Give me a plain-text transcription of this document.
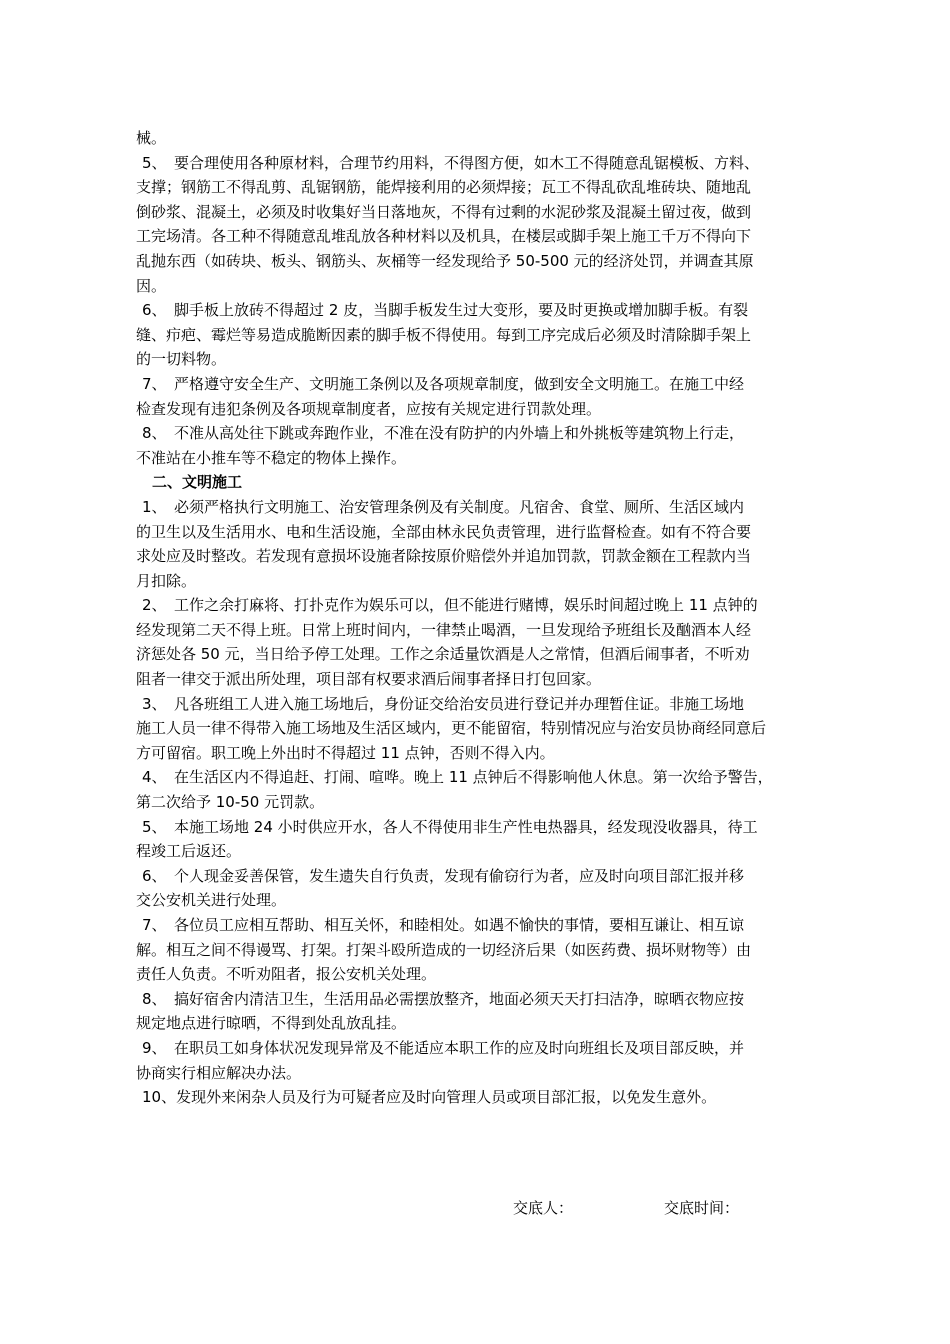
械。

5、　要合理使用各种原材料，合理节约用料，不得图方便，如木工不得随意乱锯模板、方料、

支撑；钢筋工不得乱剪、乱锯钢筋，能焊接利用的必须焊接；瓦工不得乱砍乱堆砖块、随地乱

倒砂浆、混凝土，必须及时收集好当日落地灰，不得有过剩的水泥砂浆及混凝土留过夜，做到

工完场清。各工种不得随意乱堆乱放各种材料以及机具，在楼层或脚手架上施工千万不得向下

乱抛东西（如砖块、板头、钢筋头、灰桶等一经发现给予 50-500 元的经济处罚，并调查其原

因。

6、　脚手板上放砖不得超过 2 皮，当脚手板发生过大变形，要及时更换或增加脚手板。有裂

缝、疖疤、霉烂等易造成脆断因素的脚手板不得使用。每到工序完成后必须及时清除脚手架上

的一切料物。

7、　严格遵守安全生产、文明施工条例以及各项规章制度，做到安全文明施工。在施工中经

检查发现有违犯条例及各项规章制度者，应按有关规定进行罚款处理。

8、　不准从高处往下跳或奔跑作业，不准在没有防护的内外墙上和外挑板等建筑物上行走，

不准站在小推车等不稳定的物体上操作。

二、文明施工

1、　必须严格执行文明施工、治安管理条例及有关制度。凡宿舍、食堂、厕所、生活区域内

的卫生以及生活用水、电和生活设施，全部由林永民负责管理，进行监督检查。如有不符合要

求处应及时整改。若发现有意损坏设施者除按原价赔偿外并追加罚款，罚款金额在工程款内当

月扣除。

2、　工作之余打麻将、打扑克作为娱乐可以，但不能进行赌博，娱乐时间超过晚上 11 点钟的

经发现第二天不得上班。日常上班时间内，一律禁止喝酒，一旦发现给予班组长及酗酒本人经

济惩处各 50 元，当日给予停工处理。工作之余适量饮酒是人之常情，但酒后闹事者，不听劝

阻者一律交于派出所处理，项目部有权要求酒后闹事者择日打包回家。

3、　凡各班组工人进入施工场地后，身份证交给治安员进行登记并办理暂住证。非施工场地

施工人员一律不得带入施工场地及生活区域内，更不能留宿，特别情况应与治安员协商经同意后

方可留宿。职工晚上外出时不得超过 11 点钟，否则不得入内。

4、　在生活区内不得追赶、打闹、喧哗。晚上 11 点钟后不得影响他人休息。第一次给予警告，

第二次给予 10-50 元罚款。

5、　本施工场地 24 小时供应开水，各人不得使用非生产性电热器具，经发现没收器具，待工

程竣工后返还。

6、　个人现金妥善保管，发生遗失自行负责，发现有偷窃行为者，应及时向项目部汇报并移

交公安机关进行处理。

7、　各位员工应相互帮助、相互关怀，和睦相处。如遇不愉快的事情，要相互谦让、相互谅

解。相互之间不得谩骂、打架。打架斗殴所造成的一切经济后果（如医药费、损坏财物等）由

责任人负责。不听劝阻者，报公安机关处理。

8、　搞好宿舍内清洁卫生，生活用品必需摆放整齐，地面必须天天打扫洁净，晾晒衣物应按

规定地点进行晾晒，不得到处乱放乱挂。

9、　在职员工如身体状况发现异常及不能适应本职工作的应及时向班组长及项目部反映，并

协商实行相应解决办法。

10、发现外来闲杂人员及行为可疑者应及时向管理人员或项目部汇报，以免发生意外。

交底人：	交底时间：
